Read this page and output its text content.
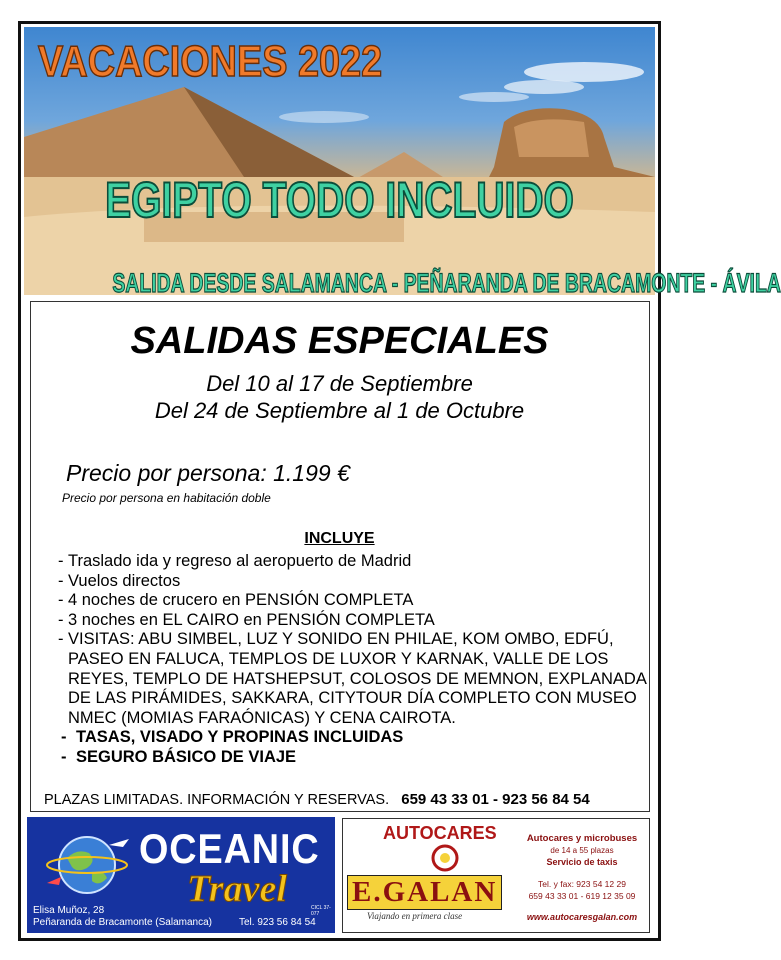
VACACIONES 2022
EGIPTO TODO INCLUIDO
SALIDA DESDE SALAMANCA - PEÑARANDA DE BRACAMONTE - ÁVILA
SALIDAS ESPECIALES
Del 10 al 17 de Septiembre
Del 24 de Septiembre al 1 de Octubre
Precio por persona: 1.199 €
Precio por persona en habitación doble
INCLUYE
- Traslado ida y regreso al aeropuerto de Madrid
- Vuelos directos
- 4 noches de crucero en PENSIÓN COMPLETA
- 3 noches en EL CAIRO en PENSIÓN COMPLETA
- VISITAS: ABU SIMBEL, LUZ Y SONIDO EN PHILAE, KOM OMBO, EDFÚ, PASEO EN FALUCA, TEMPLOS DE LUXOR Y KARNAK, VALLE DE LOS REYES, TEMPLO DE HATSHEPSUT, COLOSOS DE MEMNON, EXPLANADA DE LAS PIRÁMIDES, SAKKARA, CITYTOUR DÍA COMPLETO CON MUSEO NMEC (MOMIAS FARAÓNICAS) Y CENA CAIROTA.
- TASAS, VISADO Y PROPINAS INCLUIDAS
- SEGURO BÁSICO DE VIAJE
PLAZAS LIMITADAS. INFORMACIÓN Y RESERVAS. 659 43 33 01 - 923 56 84 54
OCEANIC
Travel	CICL 37-077
Elisa Muñoz, 28
Peñaranda de Bracamonte (Salamanca)	Tel. 923 56 84 54
AUTOCARES
E.GALAN
Viajando en primera clase
Autocares y microbuses
de 14 a 55 plazas
Servicio de taxis
Tel. y fax: 923 54 12 29
659 43 33 01 - 619 12 35 09
www.autocaresgalan.com
